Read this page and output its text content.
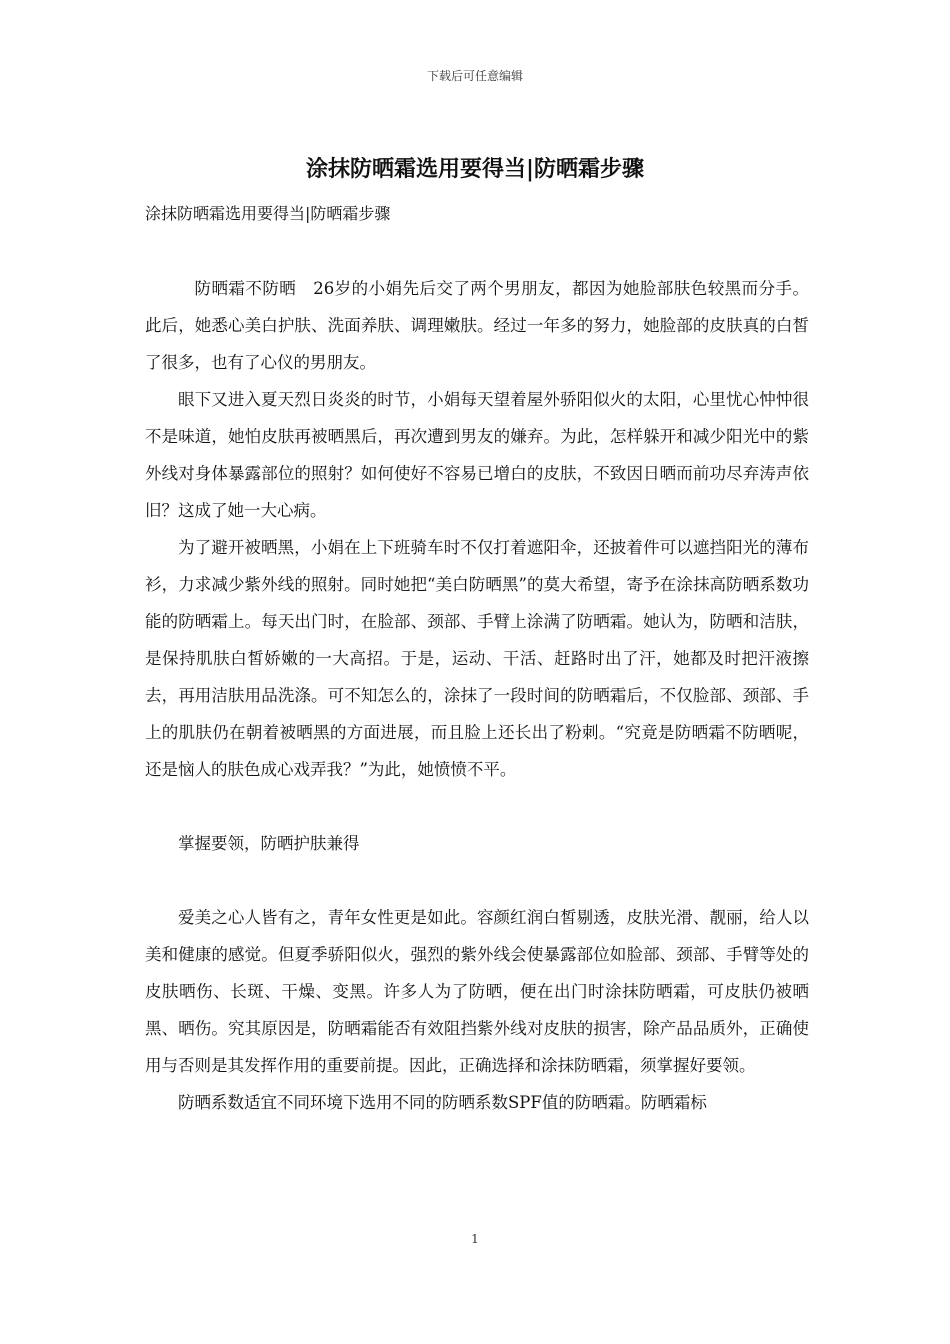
下载后可任意编辑
涂抹防晒霜选用要得当|防晒霜步骤

涂抹防晒霜选用要得当|防晒霜步骤

防晒霜不防晒　26岁的小娟先后交了两个男朋友，都因为她脸部肤色较黑而分手。此后，她悉心美白护肤、洗面养肤、调理嫩肤。经过一年多的努力，她脸部的皮肤真的白皙了很多，也有了心仪的男朋友。

眼下又进入夏天烈日炎炎的时节，小娟每天望着屋外骄阳似火的太阳，心里忧心忡忡很不是味道，她怕皮肤再被晒黑后，再次遭到男友的嫌弃。为此，怎样躲开和减少阳光中的紫外线对身体暴露部位的照射？如何使好不容易已增白的皮肤，不致因日晒而前功尽弃涛声依旧？这成了她一大心病。

为了避开被晒黑，小娟在上下班骑车时不仅打着遮阳伞，还披着件可以遮挡阳光的薄布衫，力求减少紫外线的照射。同时她把“美白防晒黑”的莫大希望，寄予在涂抹高防晒系数功能的防晒霜上。每天出门时，在脸部、颈部、手臂上涂满了防晒霜。她认为，防晒和洁肤，是保持肌肤白皙娇嫩的一大高招。于是，运动、干活、赶路时出了汗，她都及时把汗液擦去，再用洁肤用品洗涤。可不知怎么的，涂抹了一段时间的防晒霜后，不仅脸部、颈部、手上的肌肤仍在朝着被晒黑的方面进展，而且脸上还长出了粉刺。“究竟是防晒霜不防晒呢，还是恼人的肤色成心戏弄我？”为此，她愤愤不平。

掌握要领，防晒护肤兼得

爱美之心人皆有之，青年女性更是如此。容颜红润白皙剔透，皮肤光滑、靓丽，给人以美和健康的感觉。但夏季骄阳似火，强烈的紫外线会使暴露部位如脸部、颈部、手臂等处的皮肤晒伤、长斑、干燥、变黑。许多人为了防晒，便在出门时涂抹防晒霜，可皮肤仍被晒黑、晒伤。究其原因是，防晒霜能否有效阻挡紫外线对皮肤的损害，除产品品质外，正确使用与否则是其发挥作用的重要前提。因此，正确选择和涂抹防晒霜，须掌握好要领。

防晒系数适宜不同环境下选用不同的防晒系数SPF值的防晒霜。防晒霜标

1
